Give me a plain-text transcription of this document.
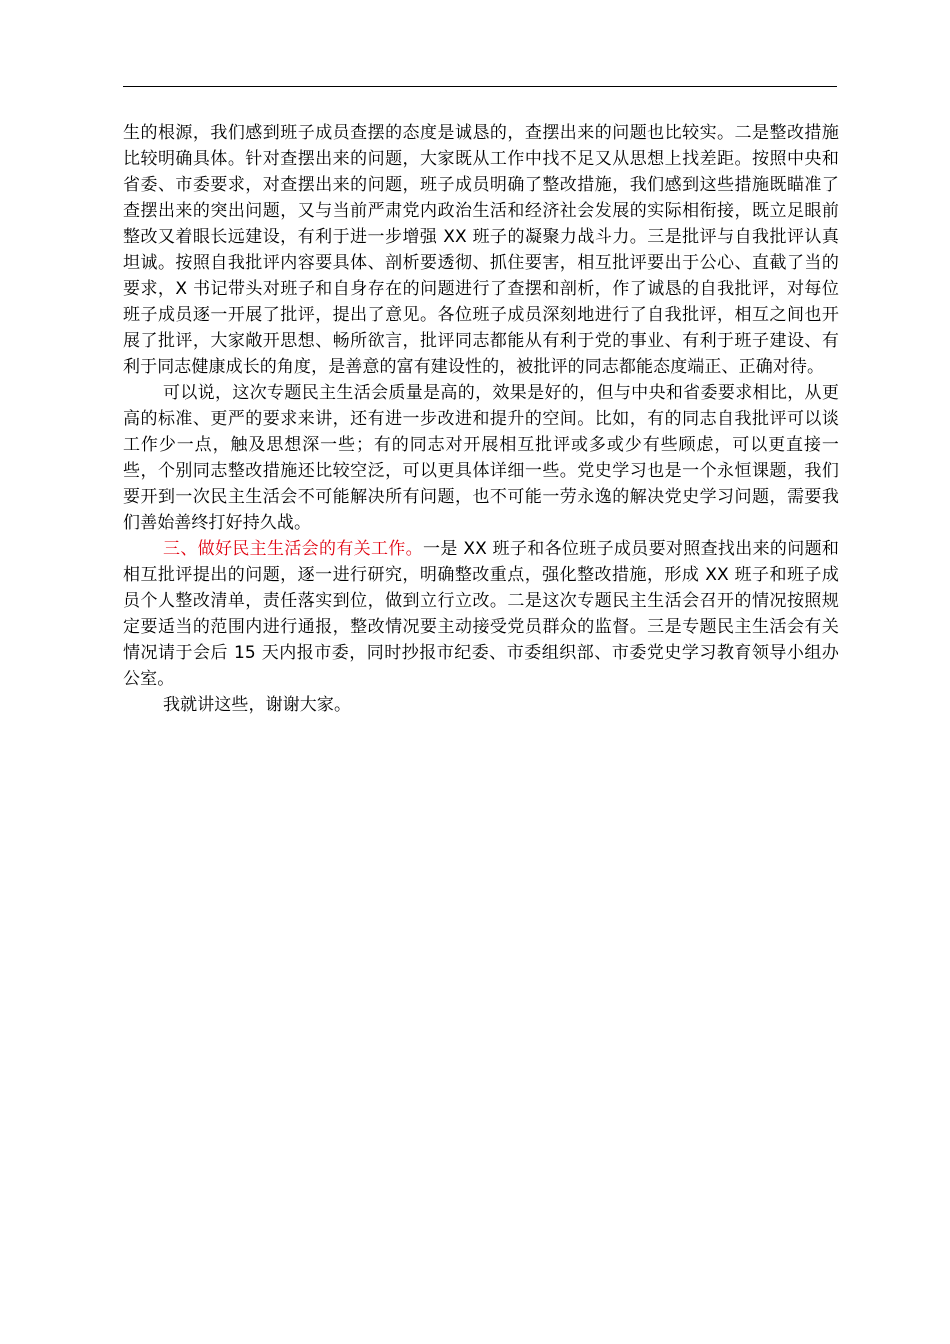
生的根源，我们感到班子成员查摆的态度是诚恳的，查摆出来的问题也比较实。二是整改措施比较明确具体。针对查摆出来的问题，大家既从工作中找不足又从思想上找差距。按照中央和省委、市委要求，对查摆出来的问题，班子成员明确了整改措施，我们感到这些措施既瞄准了查摆出来的突出问题，又与当前严肃党内政治生活和经济社会发展的实际相衔接，既立足眼前整改又着眼长远建设，有利于进一步增强 XX 班子的凝聚力战斗力。三是批评与自我批评认真坦诚。按照自我批评内容要具体、剖析要透彻、抓住要害，相互批评要出于公心、直截了当的要求，X 书记带头对班子和自身存在的问题进行了查摆和剖析，作了诚恳的自我批评，对每位班子成员逐一开展了批评，提出了意见。各位班子成员深刻地进行了自我批评，相互之间也开展了批评，大家敞开思想、畅所欲言，批评同志都能从有利于党的事业、有利于班子建设、有利于同志健康成长的角度，是善意的富有建设性的，被批评的同志都能态度端正、正确对待。

可以说，这次专题民主生活会质量是高的，效果是好的，但与中央和省委要求相比，从更高的标准、更严的要求来讲，还有进一步改进和提升的空间。比如，有的同志自我批评可以谈工作少一点，触及思想深一些；有的同志对开展相互批评或多或少有些顾虑，可以更直接一些，个别同志整改措施还比较空泛，可以更具体详细一些。党史学习也是一个永恒课题，我们要开到一次民主生活会不可能解决所有问题，也不可能一劳永逸的解决党史学习问题，需要我们善始善终打好持久战。

三、做好民主生活会的有关工作。一是 XX 班子和各位班子成员要对照查找出来的问题和相互批评提出的问题，逐一进行研究，明确整改重点，强化整改措施，形成 XX 班子和班子成员个人整改清单，责任落实到位，做到立行立改。二是这次专题民主生活会召开的情况按照规定要适当的范围内进行通报，整改情况要主动接受党员群众的监督。三是专题民主生活会有关情况请于会后 15 天内报市委，同时抄报市纪委、市委组织部、市委党史学习教育领导小组办公室。

我就讲这些，谢谢大家。
